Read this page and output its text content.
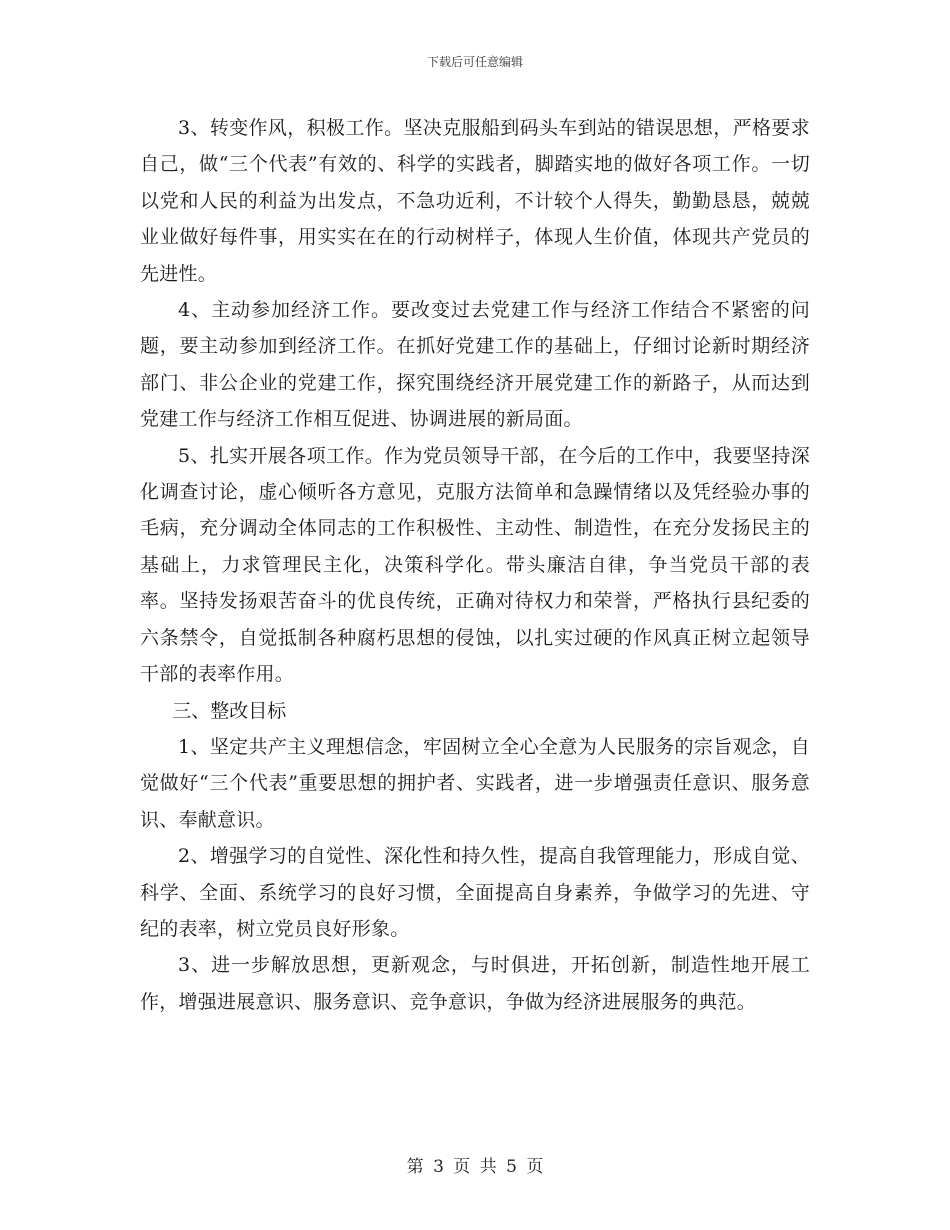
下载后可任意编辑

3、转变作风，积极工作。坚决克服船到码头车到站的错误思想，严格要求自己，做“三个代表”有效的、科学的实践者，脚踏实地的做好各项工作。一切以党和人民的利益为出发点，不急功近利，不计较个人得失，勤勤恳恳，兢兢业业做好每件事，用实实在在的行动树样子，体现人生价值，体现共产党员的先进性。

4、主动参加经济工作。要改变过去党建工作与经济工作结合不紧密的问题，要主动参加到经济工作。在抓好党建工作的基础上，仔细讨论新时期经济部门、非公企业的党建工作，探究围绕经济开展党建工作的新路子，从而达到党建工作与经济工作相互促进、协调进展的新局面。

5、扎实开展各项工作。作为党员领导干部，在今后的工作中，我要坚持深化调查讨论，虚心倾听各方意见，克服方法简单和急躁情绪以及凭经验办事的毛病，充分调动全体同志的工作积极性、主动性、制造性，在充分发扬民主的基础上，力求管理民主化，决策科学化。带头廉洁自律，争当党员干部的表率。坚持发扬艰苦奋斗的优良传统，正确对待权力和荣誉，严格执行县纪委的六条禁令，自觉抵制各种腐朽思想的侵蚀，以扎实过硬的作风真正树立起领导干部的表率作用。

三、整改目标

1、坚定共产主义理想信念，牢固树立全心全意为人民服务的宗旨观念，自觉做好“三个代表”重要思想的拥护者、实践者，进一步增强责任意识、服务意识、奉献意识。

2、增强学习的自觉性、深化性和持久性，提高自我管理能力，形成自觉、科学、全面、系统学习的良好习惯，全面提高自身素养，争做学习的先进、守纪的表率，树立党员良好形象。

3、进一步解放思想，更新观念，与时俱进，开拓创新，制造性地开展工作，增强进展意识、服务意识、竞争意识，争做为经济进展服务的典范。

第 3 页 共 5 页
